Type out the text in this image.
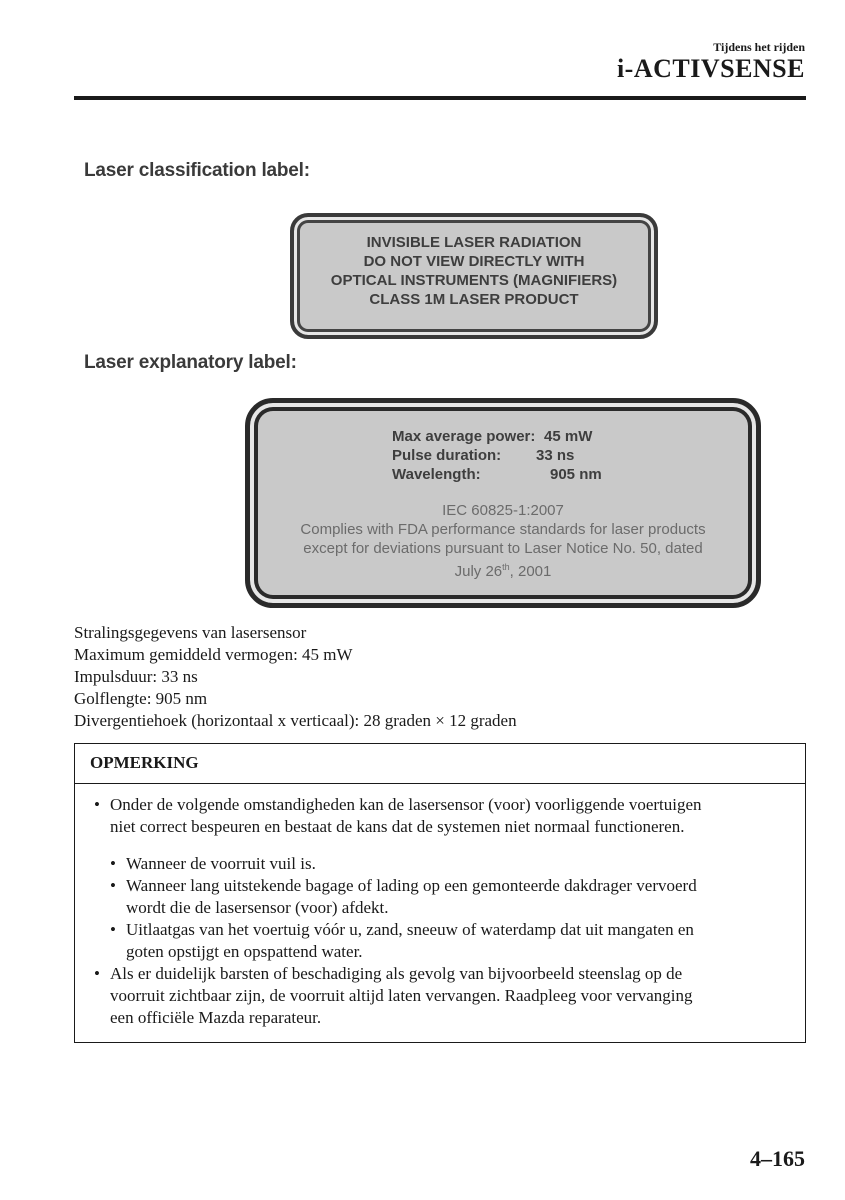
Tijdens het rijden
i-ACTIVSENSE
Laser classification label:
INVISIBLE LASER RADIATION
DO NOT VIEW DIRECTLY WITH
OPTICAL INSTRUMENTS (MAGNIFIERS)
CLASS 1M LASER PRODUCT
Laser explanatory label:
Max average power: 45 mW
Pulse duration: 33 ns
Wavelength:	905 nm
IEC 60825-1:2007
Complies with FDA performance standards for laser products
except for deviations pursuant to Laser Notice No. 50, dated
July 26th, 2001
Stralingsgegevens van lasersensor
Maximum gemiddeld vermogen: 45 mW
Impulsduur: 33 ns
Golflengte: 905 nm
Divergentiehoek (horizontaal x verticaal): 28 graden × 12 graden
OPMERKING
• Onder de volgende omstandigheden kan de lasersensor (voor) voorliggende voertuigen
niet correct bespeuren en bestaat de kans dat de systemen niet normaal functioneren.
• Wanneer de voorruit vuil is.
• Wanneer lang uitstekende bagage of lading op een gemonteerde dakdrager vervoerd
wordt die de lasersensor (voor) afdekt.
• Uitlaatgas van het voertuig vóór u, zand, sneeuw of waterdamp dat uit mangaten en
goten opstijgt en opspattend water.
• Als er duidelijk barsten of beschadiging als gevolg van bijvoorbeeld steenslag op de
voorruit zichtbaar zijn, de voorruit altijd laten vervangen. Raadpleeg voor vervanging
een officiële Mazda reparateur.
4–165
